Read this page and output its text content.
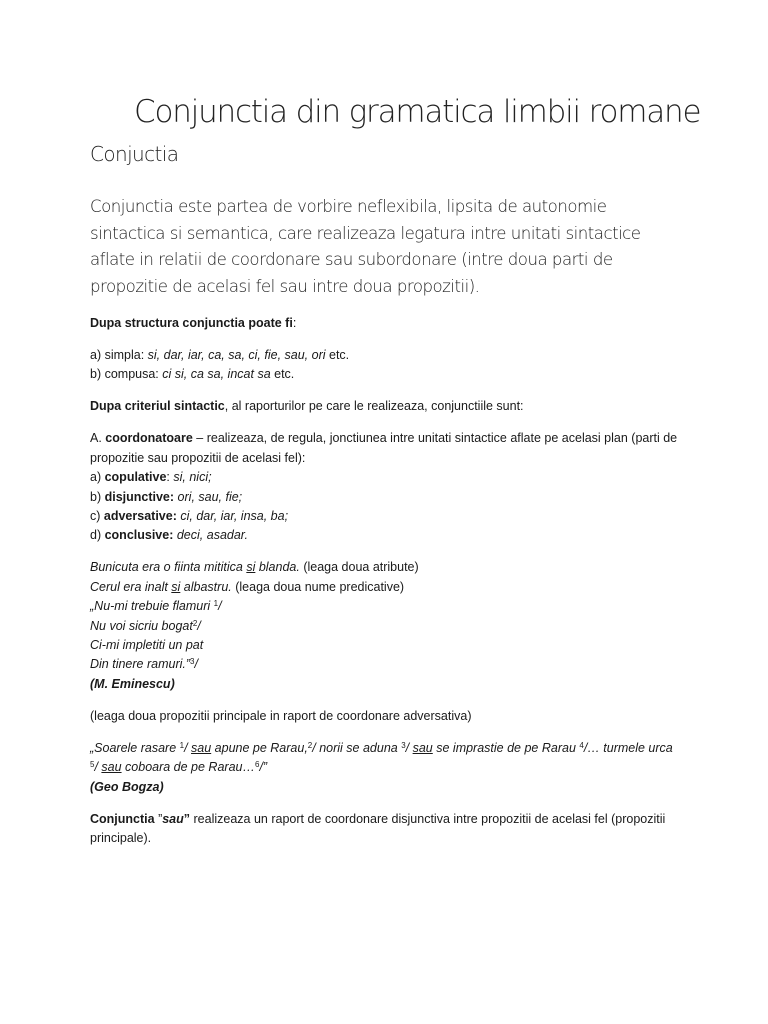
Conjunctia din gramatica limbii romane
Conjuctia

Conjunctia este partea de vorbire neflexibila, lipsita de autonomie sintactica si semantica, care realizeaza legatura intre unitati sintactice aflate in relatii de coordonare sau subordonare (intre doua parti de propozitie de acelasi fel sau intre doua propozitii).

Dupa structura conjunctia poate fi:

a) simpla: si, dar, iar, ca, sa, ci, fie, sau, ori etc.
b) compusa: ci si, ca sa, incat sa etc.

Dupa criteriul sintactic, al raporturilor pe care le realizeaza, conjunctiile sunt:

A. coordonatoare – realizeaza, de regula, jonctiunea intre unitati sintactice aflate pe acelasi plan (parti de propozitie sau propozitii de acelasi fel):
a) copulative: si, nici;
b) disjunctive: ori, sau, fie;
c) adversative: ci, dar, iar, insa, ba;
d) conclusive: deci, asadar.

Bunicuta era o fiinta mititica si blanda. (leaga doua atribute)
Cerul era inalt si albastru. (leaga doua nume predicative)
„Nu-mi trebuie flamuri $^1$/
Nu voi sicriu bogat$^2$/
Ci-mi impletiti un pat
Din tinere ramuri.”$^3$/
(M. Eminescu)

(leaga doua propozitii principale in raport de coordonare adversativa)

„Soarele rasare $^1$/ sau apune pe Rarau,$^2$/ norii se aduna $^3$/ sau se imprastie de pe Rarau $^4$/… turmele urca $^5$/ sau coboara de pe Rarau…$^6$/”
(Geo Bogza)

Conjunctia ”sau” realizeaza un raport de coordonare disjunctiva intre propozitii de acelasi fel (propozitii principale).
